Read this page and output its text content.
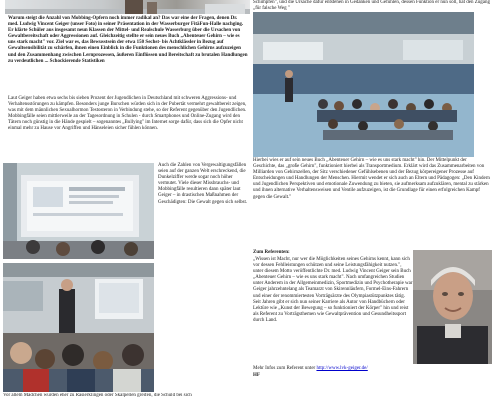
Warum steigt die Anzahl von Mobbing-Opfern noch immer radikal an? Das war eine der Fragen, denen Dr. med. Ludwig Vincent Geiger (unser Foto) in seiner Präsentation in der Wasserburger FitäFun-Halle nachging. Er klärte Schüler aus insgesamt neun Klassen der Mittel- und Realschule Wasserburg über die Ursachen von Gewaltbereitschaft oder Aggressionen auf. Gleichzeitig stellte er sein neues Buch „Abenteuer Gehirn – wie es uns stark macht" vor. Ziel war es, das Bewusstsein der etwa 150 Sechst- bis Achtklässler in Bezug auf Gewaltsensibilität zu schärfen, ihnen einen Einblick in die Funktionen des menschlichen Gehirns aufzuzeigen und den Zusammenhang zwischen Lernprozessen, äußeren Einflüssen und Bereitschaft zu brutalen Handlungen zu verdeutlichen ... Schockierende Statistiken
Laut Geiger haben etwa sechs bis sieben Prozent der Jugendlichen in Deutschland mit schweren Aggressions- und Verhaltensstörungen zu kämpfen. Besonders junge Burschen würden sich in der Pubertät vermehrt gewaltbereit zeigen, was mit dem männlichen Sexualhormon Testosteron in Verbindung stehe, so der Referent gegenüber den Jugendlichen. Mobbingfälle seien mittlerweile an der Tagesordnung in Schulen - durch Smartphones und Online-Zugang wird den Tätern noch günstig in die Hände gespielt – sogenanntes „Bullying" im Internet sorge dafür, dass sich die Opfer nicht einmal mehr zu Hause vor Angriffen und Hänseleien sicher fühlen können.
Auch die Zahlen von Vergewaltigungsfällen seien auf der ganzen Welt erschreckend, die Dunkelziffer werde sogar noch höher vermutet. Viele dieser Missbrauchs- und Mobbingfälle resultieren dann später laut Geiger – in drastischen Maßnahmen der Geschädigten: Die Gewalt gegen sich selbst.
Vor allem Mädchen würden eher zu Rasierklingen oder Skalpellen greifen, die Schuld bei sich
Schimpfen", und die Ursache dafür entstehen in Gedanken und Gefühlen, dessen Funktion er nun soll, hat den Zugang „für falsche Weg "
Hierbei wies er auf sein neues Buch „Abenteuer Gehirn – wie es uns stark macht" hin. Der Mittelpunkt der Geschichte, das „große Gehirn", funktioniert hierbei als Transportmedium. Erklärt wird das Zusammenarbeiten von Milliarden von Gehirnzellen, der Sitz verschiedener Gefühlsebenen und der Bezug körpereigener Prozesse auf Entscheidungen und Handlungen der Menschen. Hiermit wendet er sich auch an Eltern und Pädagogen: „Den Kindern und Jugendlichen Perspektiven und emotionale Zuwendung zu bieten, sie aufmerksam aufzuklären, mental zu stärken und ihnen alternative Verhaltensweisen und Ventile aufzuzeigen, ist die Grundlage für einen erfolgreichen Kampf gegen die Gewalt."
Zum Referenten:
„Wissen ist Macht, nur wer die Möglichkeiten seines Gehirns kennt, kann sich vor dessen Fehlleistungen schützen und seine Leistungsfähigkeit nutzen.", unter diesem Motto veröffentlichte Dr. med. Ludwig Vincent Geiger sein Buch „Abenteuer Gehirn – wie es uns stark macht". Nach umfangreichen Studien unter Anderem in der Allgemeinmedizin, Sportmedizin und Psychotherapie war Geiger jahrzehntelang als Teamarzt von Skirennläufern, Formel-Eins-Fahrern und einer der renommiertesten Vorträgsärzte des Olympiastützpunktes tätig. Seit Jahren gibt er sich nun seiner Karriere als Autor von Handbüchern oder Lektüre wie „Kunst der Bewegung – so funktioniert der Körper" hin und reist als Referent zu Vorträgsthemen wie Gewaltprävention und Gesundheitssport durch Land.
Mehr Infos zum Referent unter http://www.lvk-geiger.de/
HF
